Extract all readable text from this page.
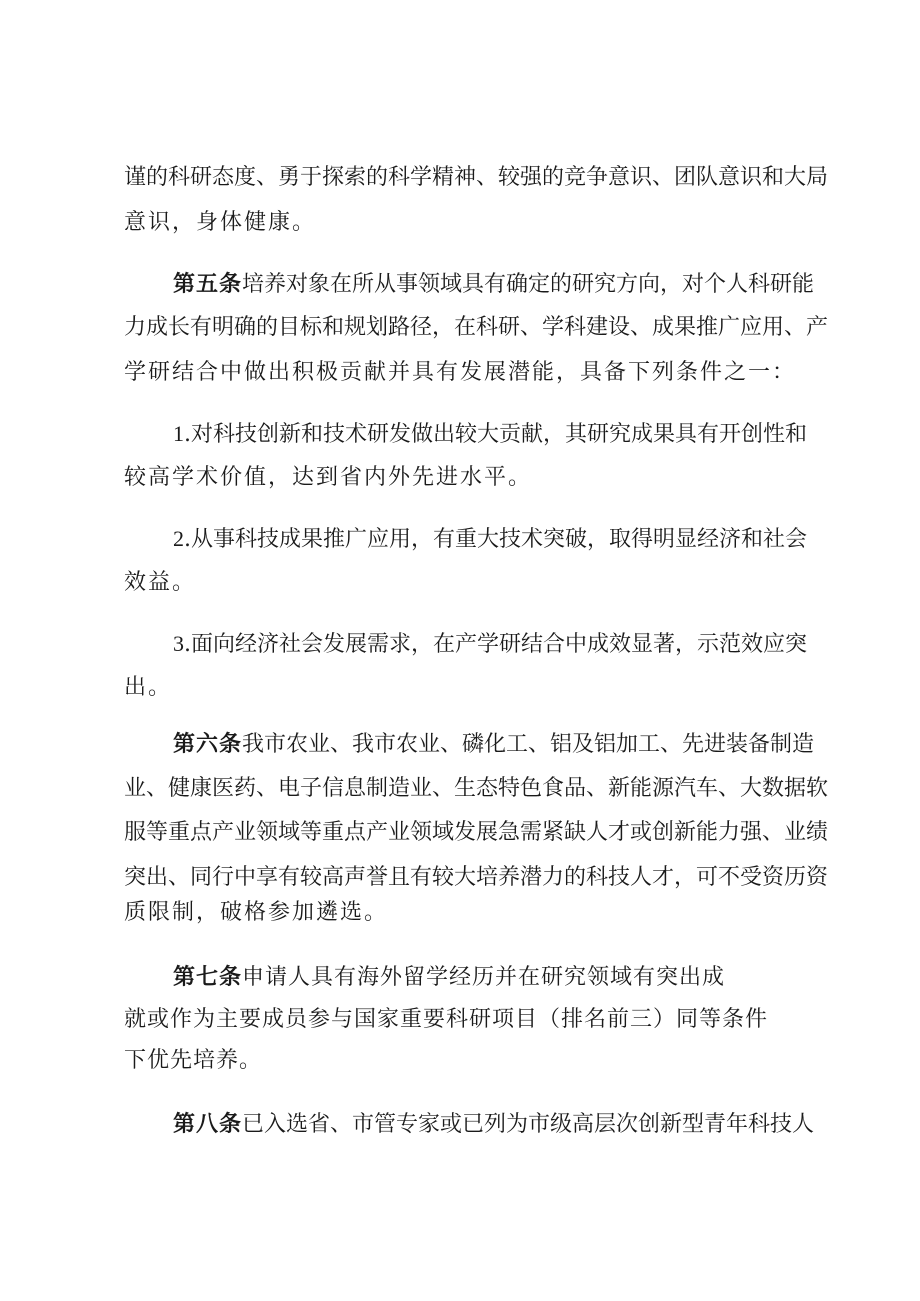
谨的科研态度、勇于探索的科学精神、较强的竞争意识、团队意识和大局
意识，身体健康。
第五条培养对象在所从事领域具有确定的研究方向，对个人科研能
力成长有明确的目标和规划路径，在科研、学科建设、成果推广应用、产
学研结合中做出积极贡献并具有发展潜能，具备下列条件之一：
1.对科技创新和技术研发做出较大贡献，其研究成果具有开创性和
较高学术价值，达到省内外先进水平。
2.从事科技成果推广应用，有重大技术突破，取得明显经济和社会
效益。
3.面向经济社会发展需求，在产学研结合中成效显著，示范效应突
出。
第六条我市农业、我市农业、磷化工、铝及铝加工、先进装备制造
业、健康医药、电子信息制造业、生态特色食品、新能源汽车、大数据软
服等重点产业领域等重点产业领域发展急需紧缺人才或创新能力强、业绩
突出、同行中享有较高声誉且有较大培养潜力的科技人才，可不受资历资
质限制，破格参加遴选。
第七条申请人具有海外留学经历并在研究领域有突出成
就或作为主要成员参与国家重要科研项目（排名前三）同等条件
下优先培养。
第八条已入选省、市管专家或已列为市级高层次创新型青年科技人
